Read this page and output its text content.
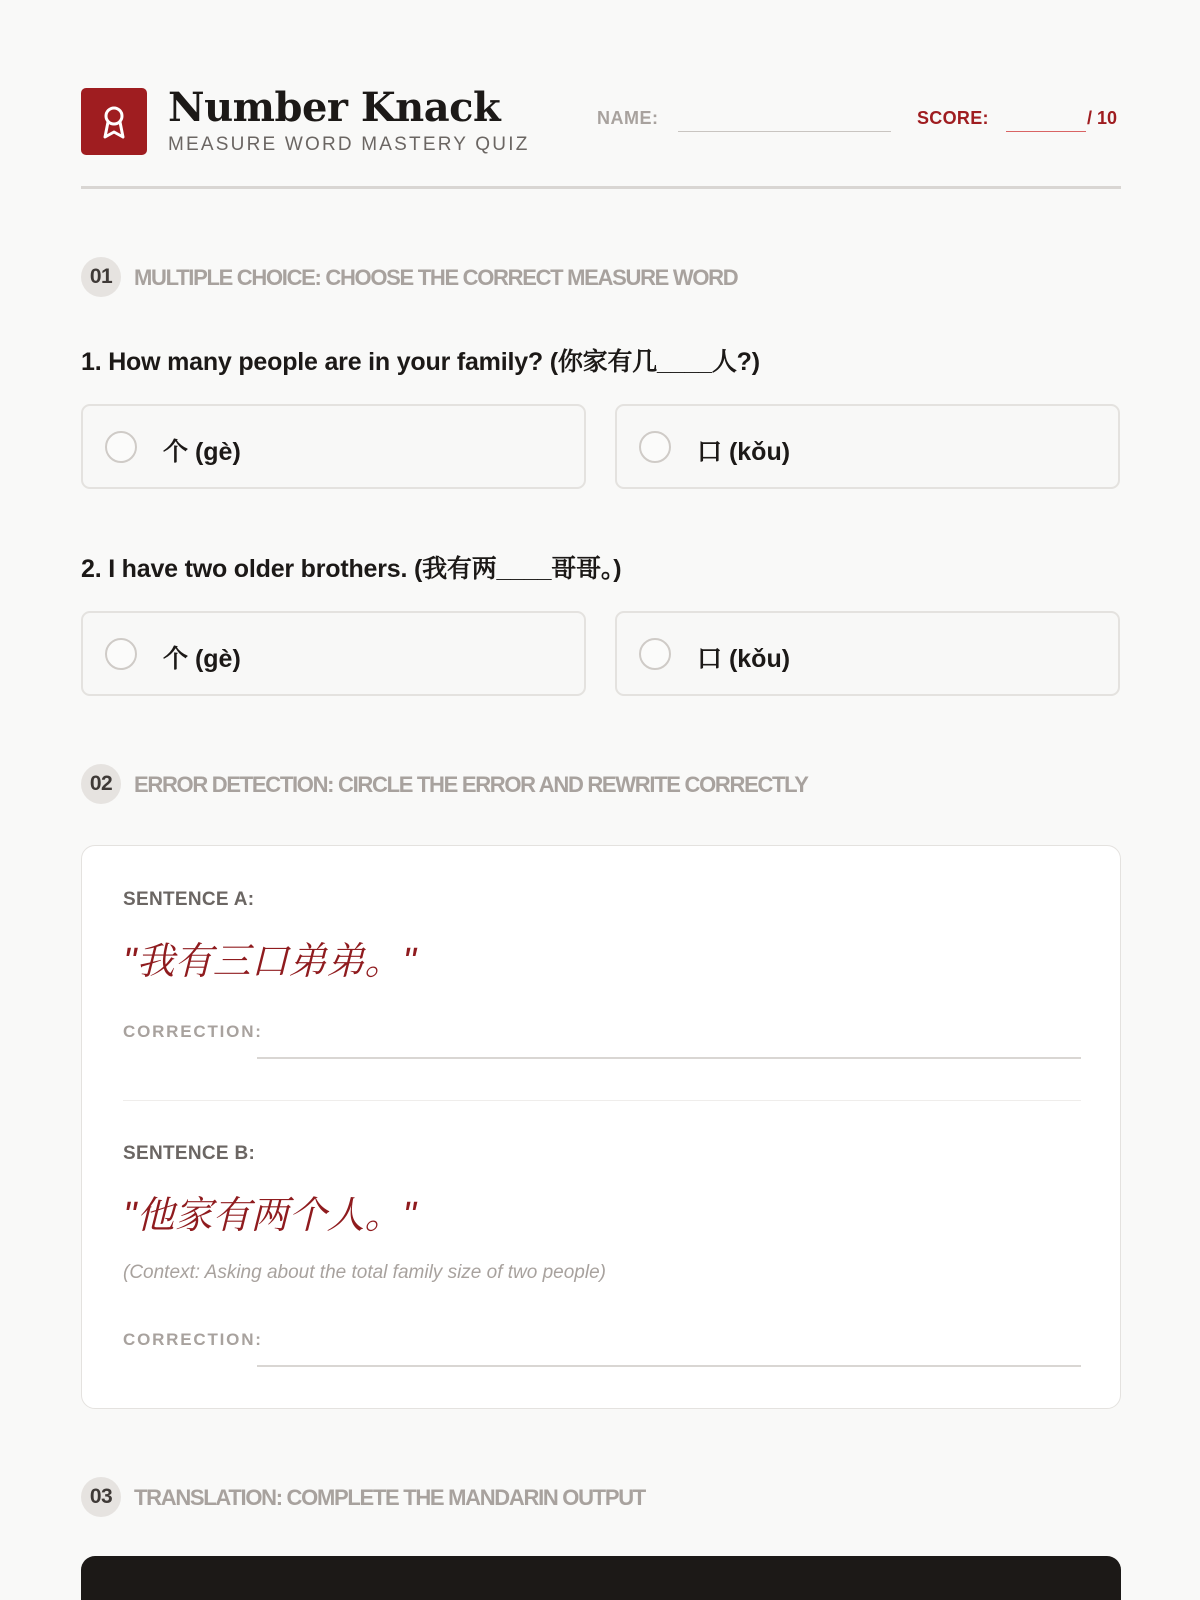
Number Knack
MEASURE WORD MASTERY QUIZ
NAME:	SCORE:	/ 10
01 MULTIPLE CHOICE: CHOOSE THE CORRECT MEASURE WORD
1. How many people are in your family? (你家有几____人?)
个 (gè)	口 (kǒu)
2. I have two older brothers. (我有两____哥哥。)
个 (gè)	口 (kǒu)
02 ERROR DETECTION: CIRCLE THE ERROR AND REWRITE CORRECTLY
SENTENCE A:
"我有三口弟弟。"
CORRECTION:
SENTENCE B:
"他家有两个人。"
(Context: Asking about the total family size of two people)
CORRECTION:
03 TRANSLATION: COMPLETE THE MANDARIN OUTPUT
